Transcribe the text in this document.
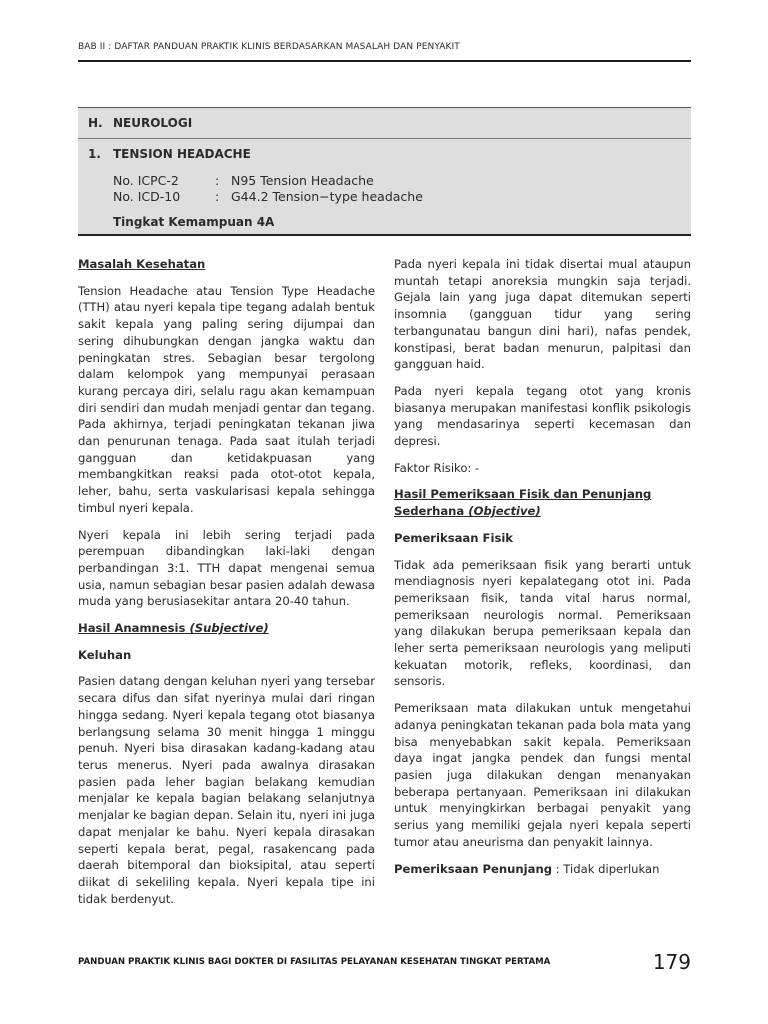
BAB II : DAFTAR PANDUAN PRAKTIK KLINIS BERDASARKAN MASALAH DAN PENYAKIT
H. NEUROLOGI
1. TENSION HEADACHE
No. ICPC-2	: N95 Tension Headache
No. ICD-10	: G44.2 Tension−type headache
Tingkat Kemampuan 4A
Masalah Kesehatan

Tension Headache atau Tension Type Headache (TTH) atau nyeri kepala tipe tegang adalah bentuk sakit kepala yang paling sering dijumpai dan sering dihubungkan dengan jangka waktu dan peningkatan stres. Sebagian besar tergolong dalam kelompok yang mempunyai perasaan kurang percaya diri, selalu ragu akan kemampuan diri sendiri dan mudah menjadi gentar dan tegang. Pada akhirnya, terjadi peningkatan tekanan jiwa dan penurunan tenaga. Pada saat itulah terjadi gangguan dan ketidakpuasan yang membangkitkan reaksi pada otot-otot kepala, leher, bahu, serta vaskularisasi kepala sehingga timbul nyeri kepala.

Nyeri kepala ini lebih sering terjadi pada perempuan dibandingkan laki-laki dengan perbandingan 3:1. TTH dapat mengenai semua usia, namun sebagian besar pasien adalah dewasa muda yang berusiasekitar antara 20-40 tahun.

Hasil Anamnesis (Subjective)
Keluhan

Pasien datang dengan keluhan nyeri yang tersebar secara difus dan sifat nyerinya mulai dari ringan hingga sedang. Nyeri kepala tegang otot biasanya berlangsung selama 30 menit hingga 1 minggu penuh. Nyeri bisa dirasakan kadang-kadang atau terus menerus. Nyeri pada awalnya dirasakan pasien pada leher bagian belakang kemudian menjalar ke kepala bagian belakang selanjutnya menjalar ke bagian depan. Selain itu, nyeri ini juga dapat menjalar ke bahu. Nyeri kepala dirasakan seperti kepala berat, pegal, rasakencang pada daerah bitemporal dan bioksipital, atau seperti diikat di sekeliling kepala. Nyeri kepala tipe ini tidak berdenyut.

Pada nyeri kepala ini tidak disertai mual ataupun muntah tetapi anoreksia mungkin saja terjadi. Gejala lain yang juga dapat ditemukan seperti insomnia (gangguan tidur yang sering terbangunatau bangun dini hari), nafas pendek, konstipasi, berat badan menurun, palpitasi dan gangguan haid.

Pada nyeri kepala tegang otot yang kronis biasanya merupakan manifestasi konflik psikologis yang mendasarinya seperti kecemasan dan depresi.

Faktor Risiko: -

Hasil Pemeriksaan Fisik dan Penunjang Sederhana (Objective)
Pemeriksaan Fisik

Tidak ada pemeriksaan fisik yang berarti untuk mendiagnosis nyeri kepalategang otot ini. Pada pemeriksaan fisik, tanda vital harus normal, pemeriksaan neurologis normal. Pemeriksaan yang dilakukan berupa pemeriksaan kepala dan leher serta pemeriksaan neurologis yang meliputi kekuatan motorik, refleks, koordinasi, dan sensoris.

Pemeriksaan mata dilakukan untuk mengetahui adanya peningkatan tekanan pada bola mata yang bisa menyebabkan sakit kepala. Pemeriksaan daya ingat jangka pendek dan fungsi mental pasien juga dilakukan dengan menanyakan beberapa pertanyaan. Pemeriksaan ini dilakukan untuk menyingkirkan berbagai penyakit yang serius yang memiliki gejala nyeri kepala seperti tumor atau aneurisma dan penyakit lainnya.

Pemeriksaan Penunjang : Tidak diperlukan

PANDUAN PRAKTIK KLINIS BAGI DOKTER DI FASILITAS PELAYANAN KESEHATAN TINGKAT PERTAMA	179
